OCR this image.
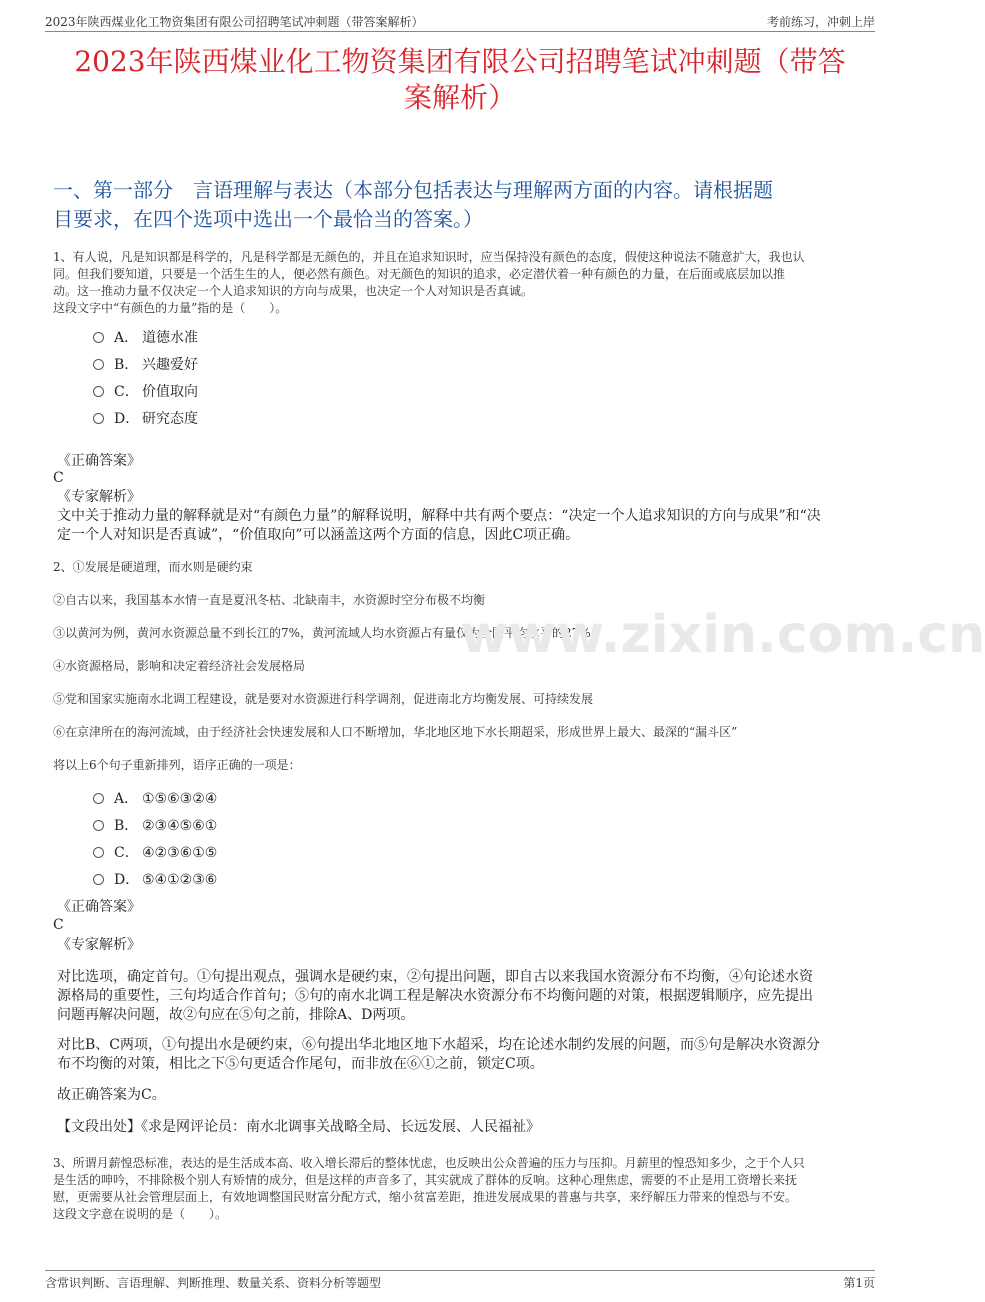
2023年陕西煤业化工物资集团有限公司招聘笔试冲刺题（带答案解析）	考前练习，冲刺上岸
2023年陕西煤业化工物资集团有限公司招聘笔试冲刺题（带答
案解析）
一、第一部分　言语理解与表达（本部分包括表达与理解两方面的内容。请根据题
目要求，在四个选项中选出一个最恰当的答案。）
1、有人说，凡是知识都是科学的，凡是科学都是无颜色的，并且在追求知识时，应当保持没有颜色的态度，假使这种说法不随意扩大，我也认
同。但我们要知道，只要是一个活生生的人，便必然有颜色。对无颜色的知识的追求，必定潜伏着一种有颜色的力量，在后面或底层加以推
动。这一推动力量不仅决定一个人追求知识的方向与成果，也决定一个人对知识是否真诚。
这段文字中“有颜色的力量”指的是（　　）。
A． 道德水准
B． 兴趣爱好
C． 价值取向
D． 研究态度
《正确答案》
C
《专家解析》
文中关于推动力量的解释就是对“有颜色力量”的解释说明，解释中共有两个要点：“决定一个人追求知识的方向与成果”和“决
定一个人对知识是否真诚”，“价值取向”可以涵盖这两个方面的信息，因此C项正确。
2、①发展是硬道理，而水则是硬约束
②自古以来，我国基本水情一直是夏汛冬枯、北缺南丰，水资源时空分布极不均衡
③以黄河为例，黄河水资源总量不到长江的7%，黄河流域人均水资源占有量仅为全国平均水平的27%
④水资源格局，影响和决定着经济社会发展格局
⑤党和国家实施南水北调工程建设，就是要对水资源进行科学调剂，促进南北方均衡发展、可持续发展
⑥在京津所在的海河流域，由于经济社会快速发展和人口不断增加，华北地区地下水长期超采，形成世界上最大、最深的“漏斗区”
将以上6个句子重新排列，语序正确的一项是：
www.zixin.com.cn
A． ①⑤⑥③②④
B． ②③④⑤⑥①
C． ④②③⑥①⑤
D． ⑤④①②③⑥
《正确答案》
C
《专家解析》
对比选项，确定首句。①句提出观点，强调水是硬约束，②句提出问题，即自古以来我国水资源分布不均衡，④句论述水资
源格局的重要性，三句均适合作首句；⑤句的南水北调工程是解决水资源分布不均衡问题的对策，根据逻辑顺序，应先提出
问题再解决问题，故②句应在⑤句之前，排除A、D两项。
对比B、C两项，①句提出水是硬约束，⑥句提出华北地区地下水超采，均在论述水制约发展的问题，而⑤句是解决水资源分
布不均衡的对策，相比之下⑤句更适合作尾句，而非放在⑥①之前，锁定C项。
故正确答案为C。
【文段出处】《求是网评论员：南水北调事关战略全局、长远发展、人民福祉》
3、所谓月薪惶恐标准，表达的是生活成本高、收入增长滞后的整体忧虑，也反映出公众普遍的压力与压抑。月薪里的惶恐知多少，之于个人只
是生活的呻吟，不排除极个别人有矫情的成分，但是这样的声音多了，其实就成了群体的反响。这种心理焦虑，需要的不止是用工资增长来抚
慰，更需要从社会管理层面上，有效地调整国民财富分配方式，缩小贫富差距，推进发展成果的普惠与共享，来纾解压力带来的惶恐与不安。
这段文字意在说明的是（　　）。
含常识判断、言语理解、判断推理、数量关系、资料分析等题型	第1页
